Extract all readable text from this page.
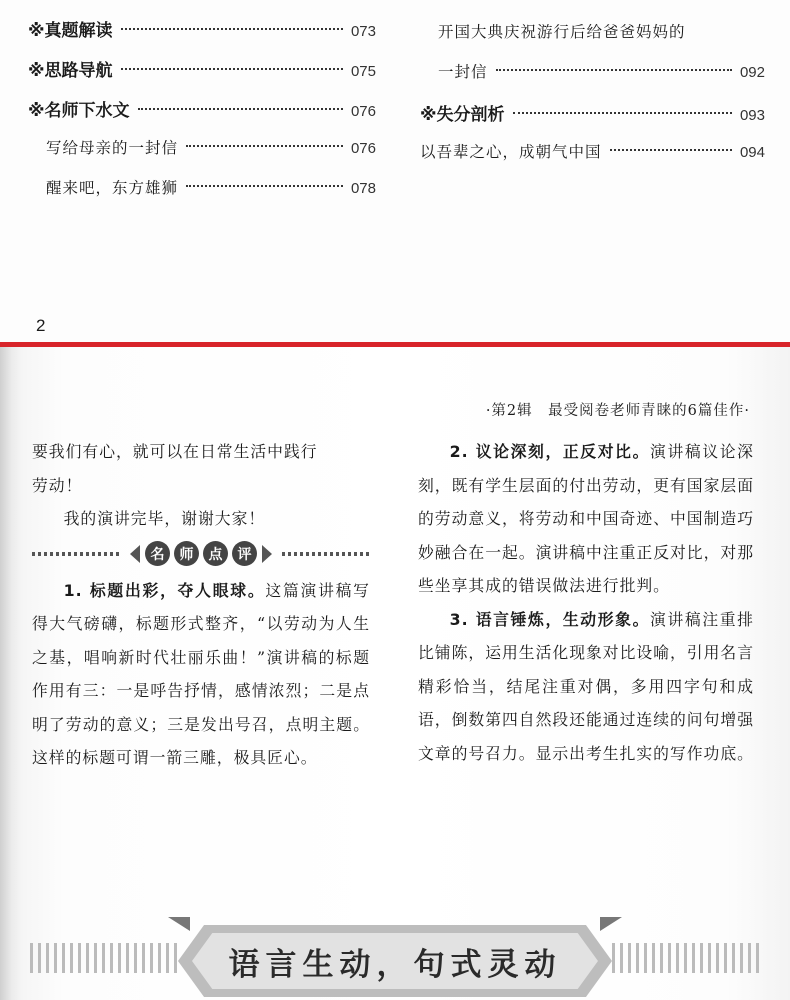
※真题解读	073
※思路导航	075
※名师下水文	076
写给母亲的一封信	076
醒来吧，东方雄狮	078
开国大典庆祝游行后给爸爸妈妈的
一封信	092
※失分剖析	093
以吾辈之心，成朝气中国	094
2
·第2辑　最受阅卷老师青睐的6篇佳作·

要我们有心，就可以在日常生活中践行

劳动！

我的演讲完毕，谢谢大家！

名	师	点	评

1. 标题出彩，夺人眼球。这篇演讲稿写得大气磅礴，标题形式整齐，“以劳动为人生之基，唱响新时代壮丽乐曲！”演讲稿的标题作用有三：一是呼告抒情，感情浓烈；二是点明了劳动的意义；三是发出号召，点明主题。这样的标题可谓一箭三雕，极具匠心。

2. 议论深刻，正反对比。演讲稿议论深刻，既有学生层面的付出劳动，更有国家层面的劳动意义，将劳动和中国奇迹、中国制造巧妙融合在一起。演讲稿中注重正反对比，对那些坐享其成的错误做法进行批判。

3. 语言锤炼，生动形象。演讲稿注重排比铺陈，运用生活化现象对比设喻，引用名言精彩恰当，结尾注重对偶，多用四字句和成语，倒数第四自然段还能通过连续的问句增强文章的号召力。显示出考生扎实的写作功底。

语言生动，句式灵动
